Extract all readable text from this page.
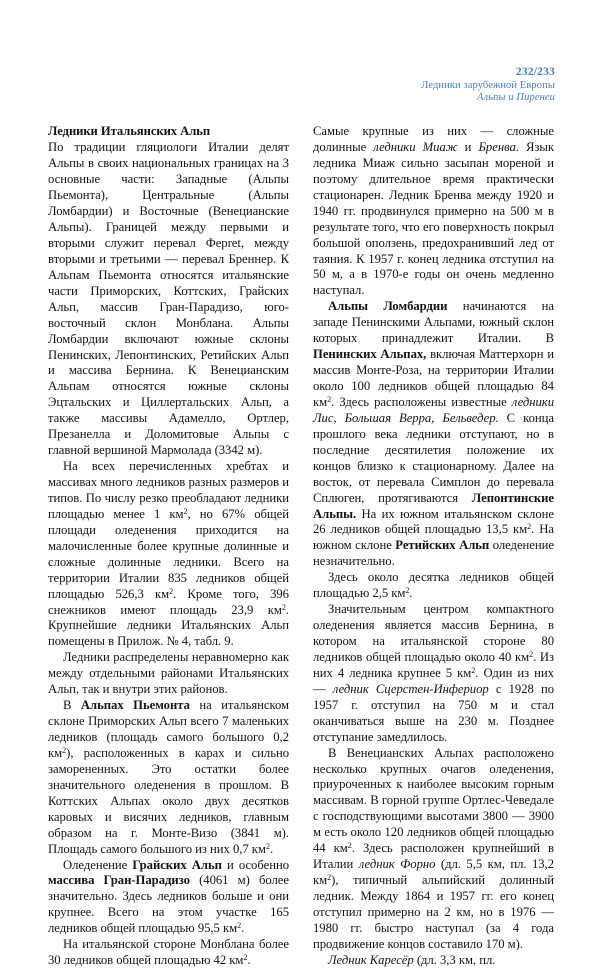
232/233
Ледники зарубежной Европы
Альпы и Пиренеи
Ледники Итальянских Альп

По традиции гляциологи Италии делят Альпы в своих национальных границах на 3 основные части: Западные (Альпы Пьемонта), Центральные (Альпы Ломбардии) и Восточные (Венецианские Альпы). Границей между первыми и вторыми служит перевал Ферret, между вторыми и третьими — перевал Бреннер. К Альпам Пьемонта относятся итальянские части Приморских, Коттских, Грайских Альп, массив Гран-Парадизо, юго-восточный склон Монблана. Альпы Ломбардии включают южные склоны Пенинских, Лепонтинских, Ретийских Альп и массива Бернина. К Венецианским Альпам относятся южные склоны Эцтальских и Циллертальских Альп, а также массивы Адамелло, Ортлер, Презанелла и Доломитовые Альпы с главной вершиной Мармолада (3342 м).

На всех перечисленных хребтах и массивах много ледников разных размеров и типов. По числу резко преобладают ледники площадью менее 1 $км^2$, но 67% общей площади оледенения приходится на малочисленные более крупные долинные и сложные долинные ледники. Всего на территории Италии 835 ледников общей площадью 526,3 $км^2$. Кроме того, 396 снежников имеют площадь 23,9 $км^2$. Крупнейшие ледники Итальянских Альп помещены в Прилож. № 4, табл. 9.

Ледники распределены неравномерно как между отдельными районами Итальянских Альп, так и внутри этих районов.

В Альпах Пьемонта на итальянском склоне Приморских Альп всего 7 маленьких ледников (площадь самого большого 0,2 $км^2$), расположенных в карах и сильно заморененных. Это остатки более значительного оледенения в прошлом. В Коттских Альпах около двух десятков каровых и висячих ледников, главным образом на г. Монте-Визо (3841 м). Площадь самого большого из них 0,7 $км^2$.

Оледенение Грайских Альп и особенно массива Гран-Парадизо (4061 м) более значительно. Здесь ледников больше и они крупнее. Всего на этом участке 165 ледников общей площадью 95,5 $км^2$.

На итальянской стороне Монблана более 30 ледников общей площадью 42 $км^2$.

Самые крупные из них — сложные долинные ледники Миаж и Бренва. Язык ледника Миаж сильно засыпан мореной и поэтому длительное время практически стационарен. Ледник Бренва между 1920 и 1940 гг. продвинулся примерно на 500 м в результате того, что его поверхность покрыл большой оползень, предохранивший лед от таяния. К 1957 г. конец ледника отступил на 50 м, а в 1970-е годы он очень медленно наступал.

Альпы Ломбардии начинаются на западе Пенинскими Альпами, южный склон которых принадлежит Италии. В Пенинских Альпах, включая Маттерхорн и массив Монте-Роза, на территории Италии около 100 ледников общей площадью 84 $км^2$. Здесь расположены известные ледники Лис, Большая Верра, Бельведер. С конца прошлого века ледники отступают, но в последние десятилетия положение их концов близко к стационарному. Далее на восток, от перевала Симплон до перевала Сплюген, протягиваются Лепонтинские Альпы. На их южном итальянском склоне 26 ледников общей площадью 13,5 $км^2$. На южном склоне Ретийских Альп оледенение незначительно.

Здесь около десятка ледников общей площадью 2,5 $км^2$.

Значительным центром компактного оледенения является массив Бернина, в котором на итальянской стороне 80 ледников общей площадью около 40 $км^2$. Из них 4 ледника крупнее 5 $км^2$. Один из них — ледник Сцерстен-Инфериор с 1928 по 1957 г. отступил на 750 м и стал оканчиваться выше на 230 м. Позднее отступание замедлилось.

В Венецианских Альпах расположено несколько крупных очагов оледенения, приуроченных к наиболее высоким горным массивам. В горной группе Ортлес-Чеведале с господствующими высотами 3800 — 3900 м есть около 120 ледников общей площадью 44 $км^2$. Здесь расположен крупнейший в Италии ледник Форно (дл. 5,5 км, пл. 13,2 $км^2$), типичный альпийский долинный ледник. Между 1864 и 1957 гг. его конец отступил примерно на 2 км, но в 1976 — 1980 гг. быстро наступал (за 4 года продвижение концов составило 170 м).

Ледник Каресёр (дл. 3,3 км, пл.
